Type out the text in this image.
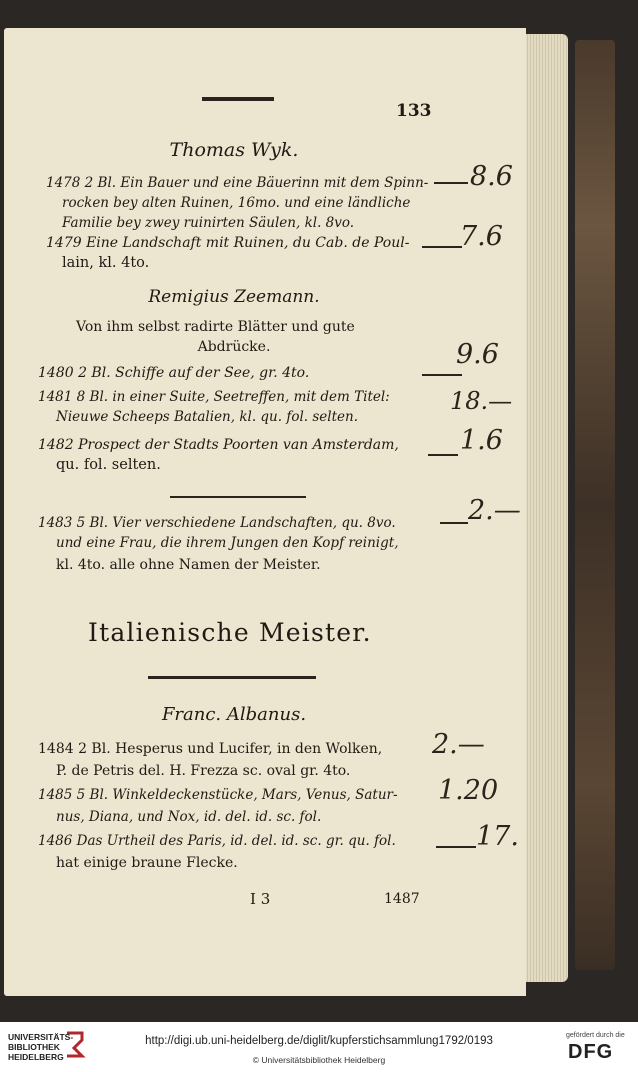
133
Thomas Wyk.
1478 2 Bl. Ein Bauer und eine Bäuerinn mit dem Spinn-
rocken bey alten Ruinen, 16mo. und eine ländliche
Familie bey zwey ruinirten Säulen, kl. 8vo.
8.6
1479 Eine Landschaft mit Ruinen, du Cab. de Poul-
lain, kl. 4to.
7.6
Remigius Zeemann.
Von ihm selbst radirte Blätter und gute
Abdrücke.
1480 2 Bl. Schiffe auf der See, gr. 4to.
9.6
1481 8 Bl. in einer Suite, Seetreffen, mit dem Titel:
Nieuwe Scheeps Batalien, kl. qu. fol. selten.
18.—
1482 Prospect der Stadts Poorten van Amsterdam,
qu. fol. selten.
1.6
1483 5 Bl. Vier verschiedene Landschaften, qu. 8vo.
und eine Frau, die ihrem Jungen den Kopf reinigt,
kl. 4to. alle ohne Namen der Meister.
2.—
Italienische Meister.
Franc. Albanus.
1484 2 Bl. Hesperus und Lucifer, in den Wolken,
P. de Petris del. H. Frezza sc. oval gr. 4to.
2.—
1485 5 Bl. Winkeldeckenstücke, Mars, Venus, Satur-
nus, Diana, und Nox, id. del. id. sc. fol.
1.20
1486 Das Urtheil des Paris, id. del. id. sc. gr. qu. fol.
hat einige braune Flecke.
17.
I 3	1487
UNIVERSITÄTS-
BIBLIOTHEK
HEIDELBERG
http://digi.ub.uni-heidelberg.de/diglit/kupferstichsammlung1792/0193
© Universitätsbibliothek Heidelberg
gefördert durch die
DFG
